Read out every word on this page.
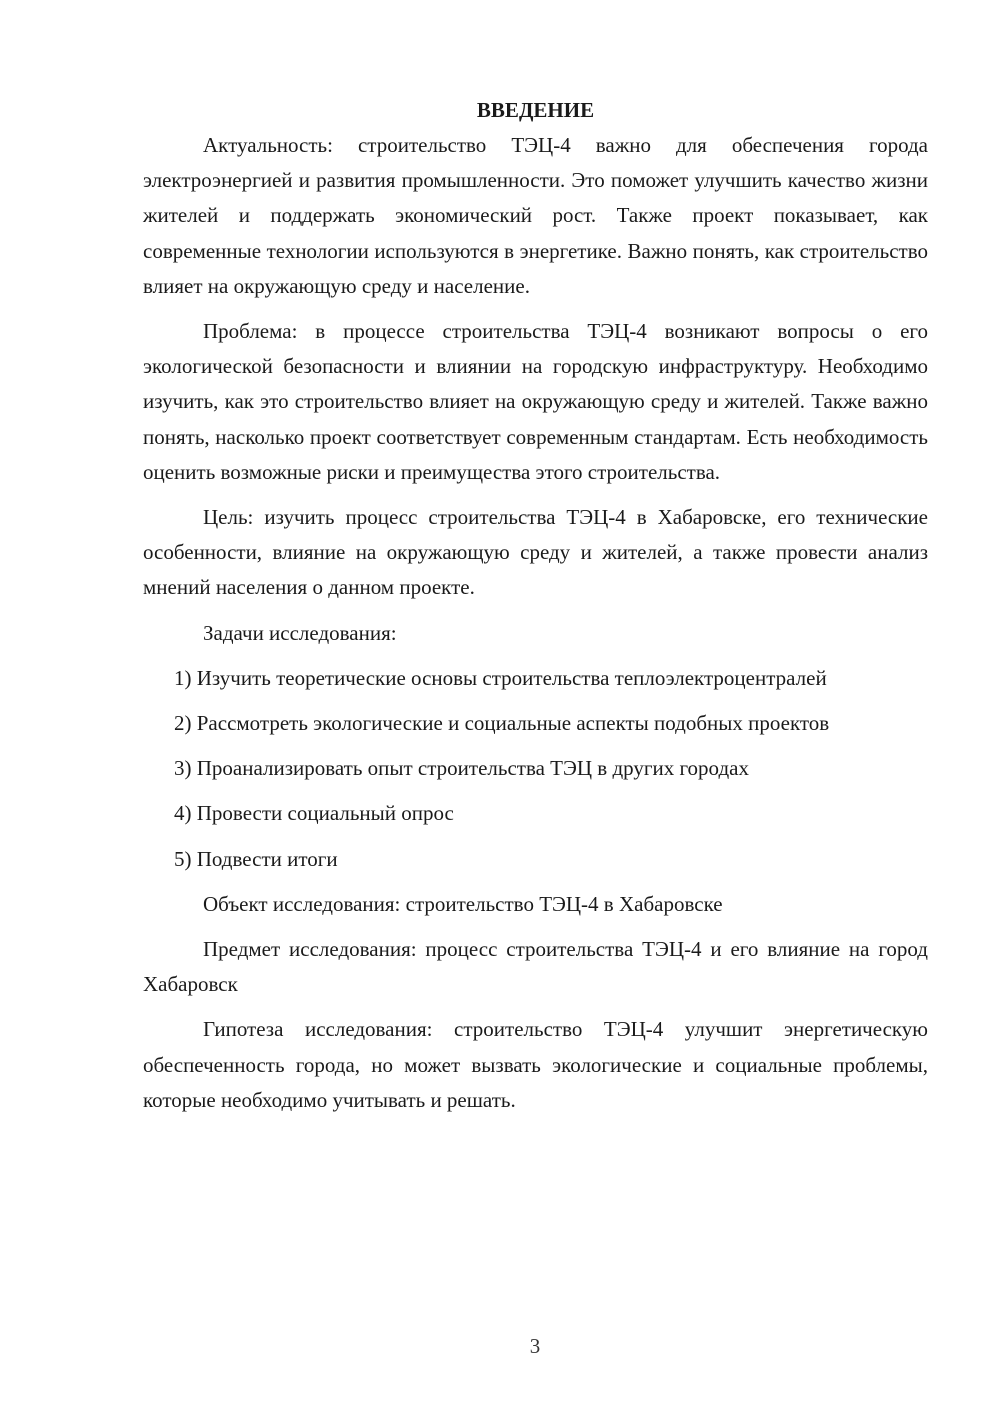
ВВЕДЕНИЕ

Актуальность: строительство ТЭЦ-4 важно для обеспечения города электроэнергией и развития промышленности. Это поможет улучшить качество жизни жителей и поддержать экономический рост. Также проект показывает, как современные технологии используются в энергетике. Важно понять, как строительство влияет на окружающую среду и население.

Проблема: в процессе строительства ТЭЦ-4 возникают вопросы о его экологической безопасности и влиянии на городскую инфраструктуру. Необходимо изучить, как это строительство влияет на окружающую среду и жителей. Также важно понять, насколько проект соответствует современным стандартам. Есть необходимость оценить возможные риски и преимущества этого строительства.

Цель: изучить процесс строительства ТЭЦ-4 в Хабаровске, его технические особенности, влияние на окружающую среду и жителей, а также провести анализ мнений населения о данном проекте.

Задачи исследования:

1) Изучить теоретические основы строительства теплоэлектроцентралей

2) Рассмотреть экологические и социальные аспекты подобных проектов

3) Проанализировать опыт строительства ТЭЦ в других городах

4) Провести социальный опрос

5) Подвести итоги

Объект исследования: строительство ТЭЦ-4 в Хабаровске

Предмет исследования: процесс строительства ТЭЦ-4 и его влияние на город Хабаровск

Гипотеза исследования: строительство ТЭЦ-4 улучшит энергетическую обеспеченность города, но может вызвать экологические и социальные проблемы, которые необходимо учитывать и решать.

3
